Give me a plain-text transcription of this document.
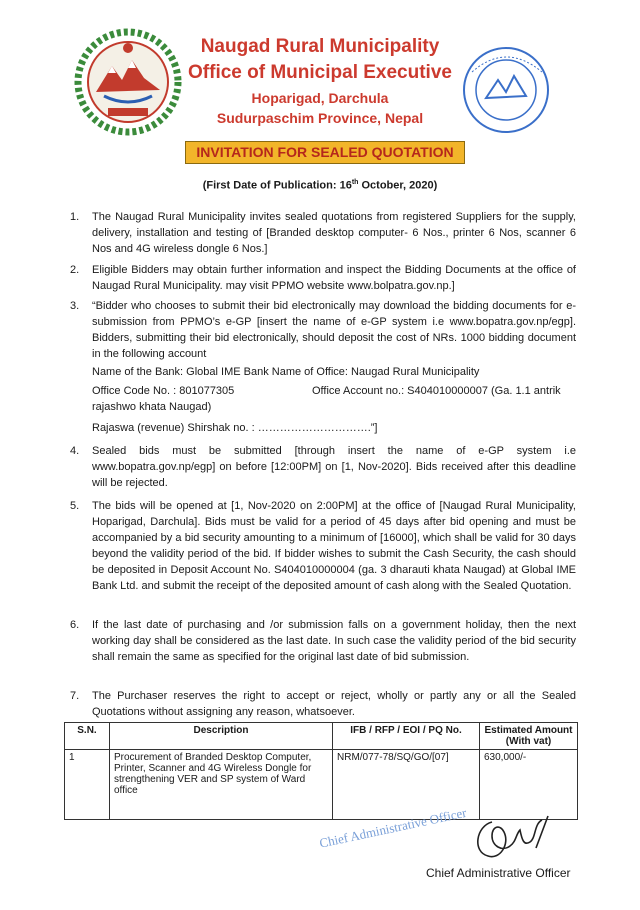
Naugad Rural Municipality
Office of Municipal Executive
Hoparigad, Darchula
Sudurpaschim Province, Nepal
INVITATION FOR SEALED QUOTATION
(First Date of Publication: 16th October, 2020)
1. The Naugad Rural Municipality invites sealed quotations from registered Suppliers for the supply, delivery, installation and testing of [Branded desktop computer- 6 Nos., printer 6 Nos, scanner 6 Nos and 4G wireless dongle 6 Nos.]
2. Eligible Bidders may obtain further information and inspect the Bidding Documents at the office of Naugad Rural Municipality. may visit PPMO website www.bolpatra.gov.np.]
3. “Bidder who chooses to submit their bid electronically may download the bidding documents for e-submission from PPMO’s e-GP [insert the name of e-GP system i.e www.bopatra.gov.np/egp]. Bidders, submitting their bid electronically, should deposit the cost of NRs. 1000 bidding document in the following account
Name of the Bank: Global IME Bank Name of Office: Naugad Rural Municipality
Office Code No. : 801077305	Office Account no.: S404010000007 (Ga. 1.1 antrik
rajashwo khata Naugad)
Rajaswa (revenue) Shirshak no. : ………………………….”]
4. Sealed bids must be submitted [through insert the name of e-GP system i.e www.bopatra.gov.np/egp] on before [12:00PM] on [1, Nov-2020]. Bids received after this deadline will be rejected.
5. The bids will be opened at [1, Nov-2020 on 2:00PM] at the office of [Naugad Rural Municipality, Hoparigad, Darchula]. Bids must be valid for a period of 45 days after bid opening and must be accompanied by a bid security amounting to a minimum of [16000], which shall be valid for 30 days beyond the validity period of the bid. If bidder wishes to submit the Cash Security, the cash should be deposited in Deposit Account No. S404010000004 (ga. 3 dharauti khata Naugad) at Global IME Bank Ltd. and submit the receipt of the deposited amount of cash along with the Sealed Quotation.
6. If the last date of purchasing and /or submission falls on a government holiday, then the next working day shall be considered as the last date. In such case the validity period of the bid security shall remain the same as specified for the original last date of bid submission.
7. The Purchaser reserves the right to accept or reject, wholly or partly any or all the Sealed Quotations without assigning any reason, whatsoever.
S.N.	Description	IFB / RFP / EOI / PQ No.	Estimated Amount (With vat)
1	Procurement of Branded Desktop Computer, Printer, Scanner and 4G Wireless Dongle for strengthening VER and SP system of Ward office	NRM/077-78/SQ/GO/[07]	630,000/-
Chief Administrative Officer
Chief Administrative Officer
